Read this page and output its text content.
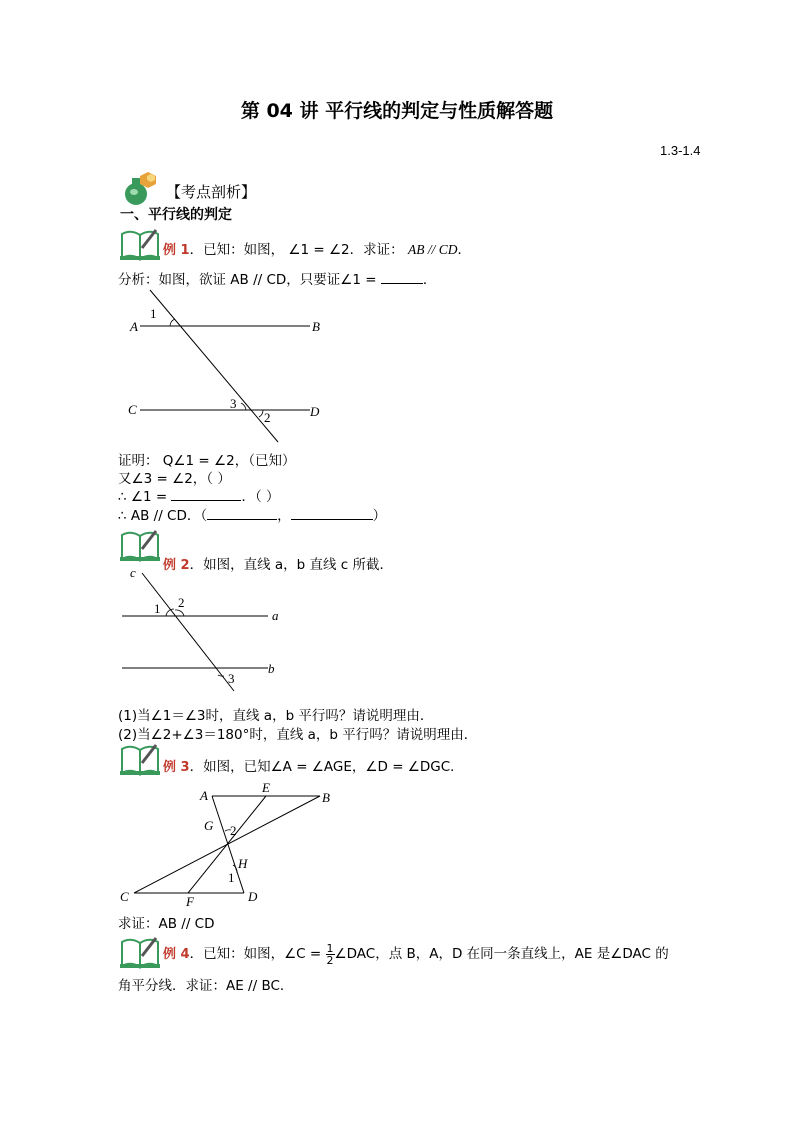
第 04 讲 平行线的判定与性质解答题
1.3-1.4
【考点剖析】
一、平行线的判定
例 1．已知：如图， ∠1 = ∠2．求证： AB // CD．
分析：如图，欲证 AB // CD，只要证∠1 =	．
A	B
C	D
1
3
2
证明： Q∠1 = ∠2，（已知）
又∠3 = ∠2，（ ）
∴ ∠1 =	．（ ）
∴ AB // CD．（	，	）
例 2．如图，直线 a，b 直线 c 所截．
c
a
b
1 2
3
(1)当∠1＝∠3时，直线 a，b 平行吗？请说明理由．
(2)当∠2+∠3＝180°时，直线 a，b 平行吗？请说明理由．
例 3．如图，已知∠A = ∠AGE，∠D = ∠DGC．
A
E
B
G 2
H
1
C	F	D
求证：AB // CD
例 4．已知：如图，∠C = $\frac{1}{2}$ ∠DAC，点 B，A，D 在同一条直线上，AE 是∠DAC 的
角平分线．求证：AE // BC．
